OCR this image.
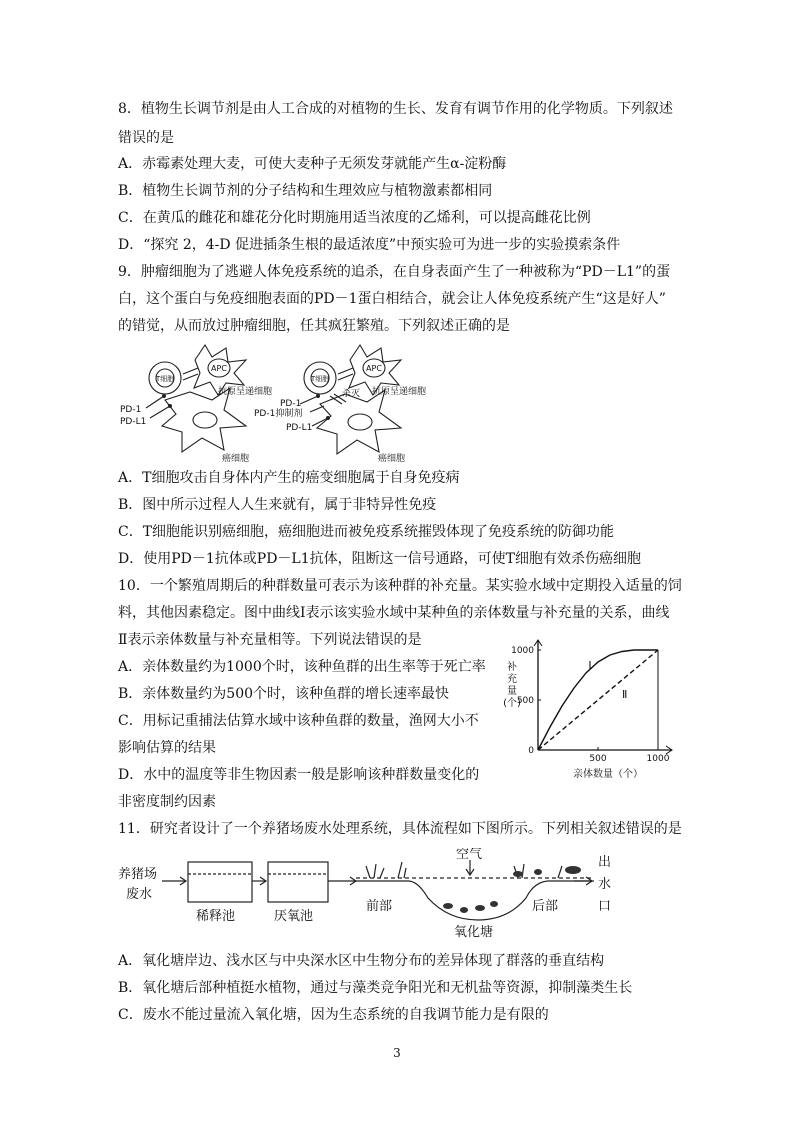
8．植物生长调节剂是由人工合成的对植物的生长、发育有调节作用的化学物质。下列叙述
错误的是
A．赤霉素处理大麦，可使大麦种子无须发芽就能产生α-淀粉酶
B．植物生长调节剂的分子结构和生理效应与植物激素都相同
C．在黄瓜的雌花和雄花分化时期施用适当浓度的乙烯利，可以提高雌花比例
D．“探究 2，4-D 促进插条生根的最适浓度”中预实验可为进一步的实验摸索条件
9．肿瘤细胞为了逃避人体免疫系统的追杀，在自身表面产生了一种被称为“PD－L1”的蛋
白，这个蛋白与免疫细胞表面的PD－1蛋白相结合，就会让人体免疫系统产生“这是好人”
的错觉，从而放过肿瘤细胞，任其疯狂繁殖。下列叙述正确的是
T细胞
APC
抗原呈递细胞
PD-1
PD-L1
癌细胞
T细胞
APC
抗原呈递细胞
PD-1
PD-1抑制剂
杀灭
PD-L1
癌细胞
A．T细胞攻击自身体内产生的癌变细胞属于自身免疫病
B．图中所示过程人人生来就有，属于非特异性免疫
C．T细胞能识别癌细胞，癌细胞进而被免疫系统摧毁体现了免疫系统的防御功能
D．使用PD－1抗体或PD－L1抗体，阻断这一信号通路，可使T细胞有效杀伤癌细胞
10．一个繁殖周期后的种群数量可表示为该种群的补充量。某实验水域中定期投入适量的饲
料，其他因素稳定。图中曲线Ⅰ表示该实验水域中某种鱼的亲体数量与补充量的关系，曲线
Ⅱ表示亲体数量与补充量相等。下列说法错误的是
A．亲体数量约为1000个时，该种鱼群的出生率等于死亡率
B．亲体数量约为500个时，该种鱼群的增长速率最快
C．用标记重捕法估算水域中该种鱼群的数量，渔网大小不
影响估算的结果
D．水中的温度等非生物因素一般是影响该种群数量变化的
非密度制约因素
补
充
量
(个)
500	1000
0
500
1000
Ⅰ
Ⅱ
亲体数量（个）
11．研究者设计了一个养猪场废水处理系统，具体流程如下图所示。下列相关叙述错误的是
养猪场
废水
稀释池	厌氧池
空气
前部	后部
氧化塘
出
水
口
A．氧化塘岸边、浅水区与中央深水区中生物分布的差异体现了群落的垂直结构
B．氧化塘后部种植挺水植物，通过与藻类竞争阳光和无机盐等资源，抑制藻类生长
C．废水不能过量流入氧化塘，因为生态系统的自我调节能力是有限的
3
